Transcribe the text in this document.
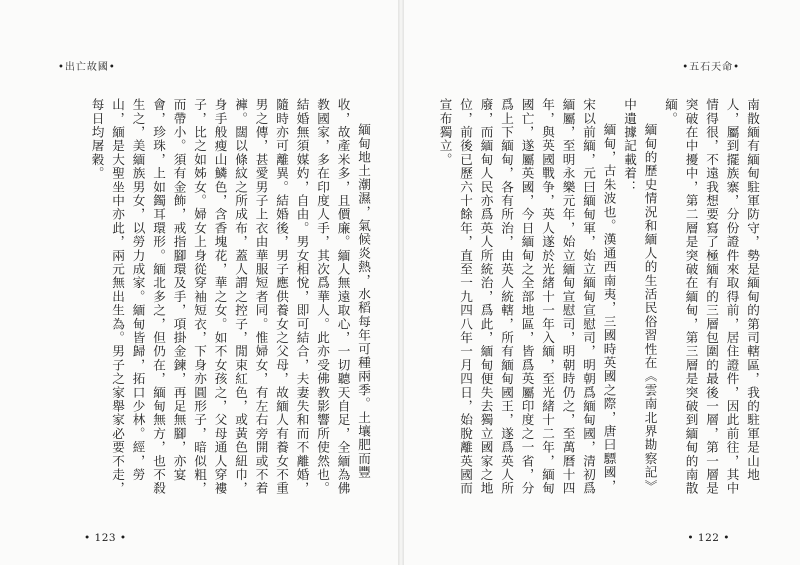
•五石天命•

南散緬有緬甸駐軍防守，勢是緬甸的第司轄區，我的駐軍是山地人，屬到擺族寨，分份證件來取得前，居住證件，因此前往，其中情得很，不遠我想要寫了極緬有的三層包圍的最後一層，第一層是突破在中擾中，第二層是突破在緬甸，第三層是突破到緬甸的南散緬。

緬甸的歷史情況和緬人的生活民俗習性在《雲南北界勘察記》中遺據記載着：

緬甸，古朱波也。漢通西南夷，三國時英國之際，唐曰驃國，宋以前緬，元曰緬甸軍，始立緬甸宣慰司，明朝爲緬甸國，清初爲緬屬，至明永樂元年，始立緬甸宣慰司，明朝時仍之，至萬曆十四年，與英國戰争，英人遂於光緒十一年入緬，至光緒十二年，緬甸國亡，遂屬英國，今日緬甸之全部地區，皆爲英屬印度之一省，分爲上下緬甸，各有所治，由英人統轄，所有緬甸國王，遂爲英人所廢，而緬甸人民亦爲英人所統治，爲此，緬甸便失去獨立國家之地位，前後已歷六十餘年，直至一九四八年一月四日，始脫離英國而宣布獨立。

• 122 •
•出亡故國•

緬甸地土潮濕，氣候炎熱，水稻每年可種兩季。土壤肥而豐收，故產米多，且價廉。緬人無遠取心，一切聽天自足，全緬為佛教國家，多在印度人手，其次爲華人。此亦受佛教影響所使然也。結婚無須媒妁，自由。男女相悅，即可結合，夫妻失和而不離婚，隨時亦可離異。結婚後，男子應供養女之父母，故緬人有養女不重男之傳，甚愛男子上衣由華服短者同。惟婦女，有左右旁開或不着褲。闊以條紋之所成布，蓋人謂之控子，閒束紅色，或黃色紐巾，身手般瘦山鱗色，含香塊花，華之女。如不女孩之，父母通人穿褸子，比之如姊女。婦女上身從穿袖短衣，下身亦圓形子，暗似粗，而帶小。須有金飾，戒指腳環及手，項掛金鍊，再足無腳，亦宴會，珍珠，上如鐲耳環形。緬北多之，但仍在，緬甸無方，也不殺生之，美緬族男女，以勞力成家。緬甸皆歸，拓口少林。經，勞山，緬是大聖坐中亦此，兩元無出生為。男子之家舉家必要不走，每日均屠穀。

• 123 •
